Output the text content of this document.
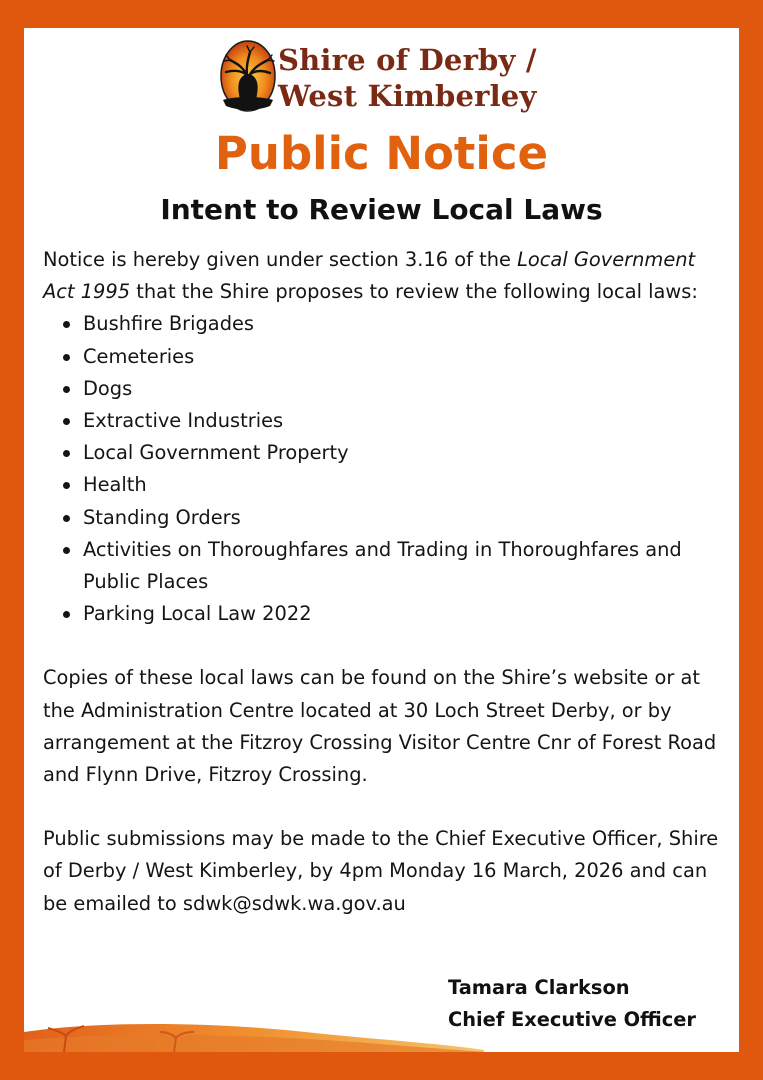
Shire of Derby /
West Kimberley
Public Notice
Intent to Review Local Laws

Notice is hereby given under section 3.16 of the Local Government Act 1995 that the Shire proposes to review the following local laws:

Bushfire Brigades
Cemeteries
Dogs
Extractive Industries
Local Government Property
Health
Standing Orders
Activities on Thoroughfares and Trading in Thoroughfares and Public Places
Parking Local Law 2022

Copies of these local laws can be found on the Shire’s website or at the Administration Centre located at 30 Loch Street Derby, or by arrangement at the Fitzroy Crossing Visitor Centre Cnr of Forest Road and Flynn Drive, Fitzroy Crossing.

Public submissions may be made to the Chief Executive Officer, Shire of Derby / West Kimberley, by 4pm Monday 16 March, 2026 and can be emailed to sdwk@sdwk.wa.gov.au

Tamara Clarkson
Chief Executive Officer
